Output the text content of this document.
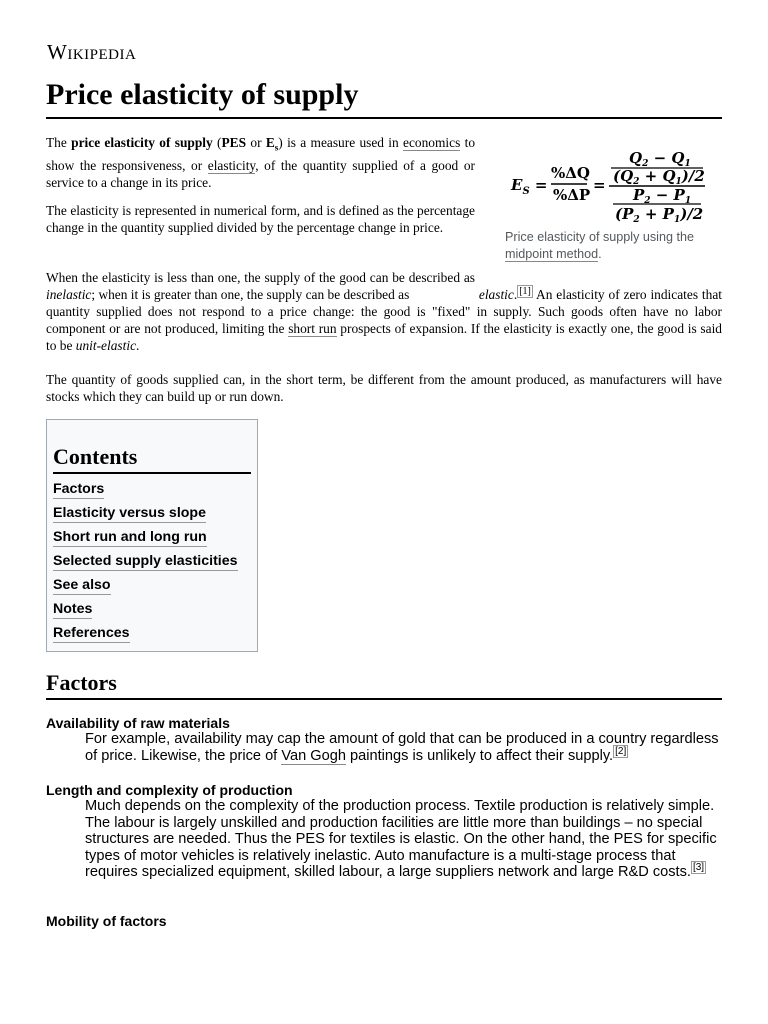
Wikipedia
Price elasticity of supply

The price elasticity of supply (PES or $E_s$) is a measure used in economics to show the responsiveness, or elasticity, of the quantity supplied of a good or service to a change in its price.

The elasticity is represented in numerical form, and is defined as the percentage change in the quantity supplied divided by the percentage change in price.

$E_S$ =
%ΔQ
%ΔP
=
$Q_2 - Q_1$
$(Q_2 + Q_1)/2$
$P_2 - P_1$
$(P_2 + P_1)/2$
Price elasticity of supply using the midpoint method.

When the elasticity is less than one, the supply of the good can be described as inelastic; when it is greater than one, the supply can be described as	elastic. [1] An elasticity of zero indicates that quantity supplied does not respond to a price change: the good is "fixed" in supply. Such goods often have no labor component or are not produced, limiting the short run prospects of expansion. If the elasticity is exactly one, the good is said to be unit-elastic.

The quantity of goods supplied can, in the short term, be different from the amount produced, as manufacturers will have stocks which they can build up or run down.

Contents
Factors
Elasticity versus slope
Short run and long run
Selected supply elasticities
See also
Notes
References
Factors
Availability of raw materials
For example, availability may cap the amount of gold that can be produced in a country regardless of price. Likewise, the price of Van Gogh paintings is unlikely to affect their supply. [2]
Length and complexity of production
Much depends on the complexity of the production process. Textile production is relatively simple. The labour is largely unskilled and production facilities are little more than buildings – no special structures are needed. Thus the PES for textiles is elastic. On the other hand, the PES for specific types of motor vehicles is relatively inelastic. Auto manufacture is a multi-stage process that requires specialized equipment, skilled labour, a large suppliers network and large R&D costs. [3]
Mobility of factors
